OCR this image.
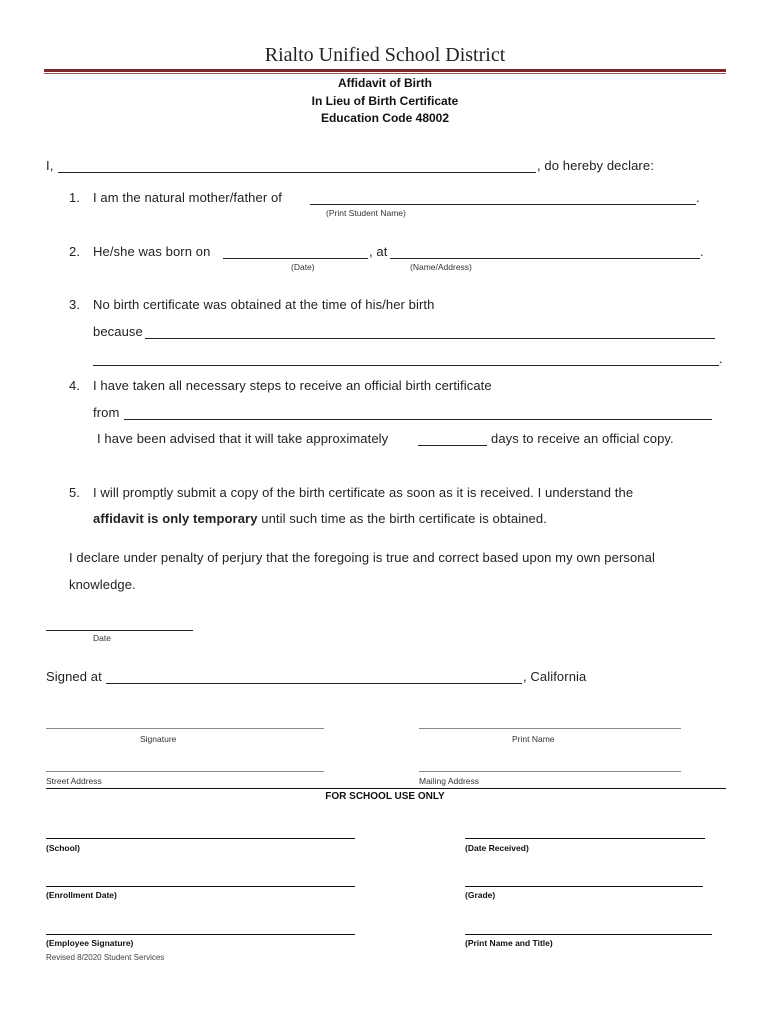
Rialto Unified School District
Affidavit of Birth
In Lieu of Birth Certificate
Education Code 48002
I,	, do hereby declare:
1. I am the natural mother/father of	.
(Print Student Name)
2. He/she was born on	, at	.
(Date)	(Name/Address)
3. No birth certificate was obtained at the time of his/her birth
because
.
4. I have taken all necessary steps to receive an official birth certificate
from
I have been advised that it will take approximately	days to receive an official copy.
5. I will promptly submit a copy of the birth certificate as soon as it is received. I understand the
affidavit is only temporary until such time as the birth certificate is obtained.
I declare under penalty of perjury that the foregoing is true and correct based upon my own personal
knowledge.
Date
Signed at	, California
Signature	Print Name
Street Address	Mailing Address
FOR SCHOOL USE ONLY
(School)	(Date Received)
(Enrollment Date)	(Grade)
(Employee Signature)	(Print Name and Title)
Revised 8/2020 Student Services
